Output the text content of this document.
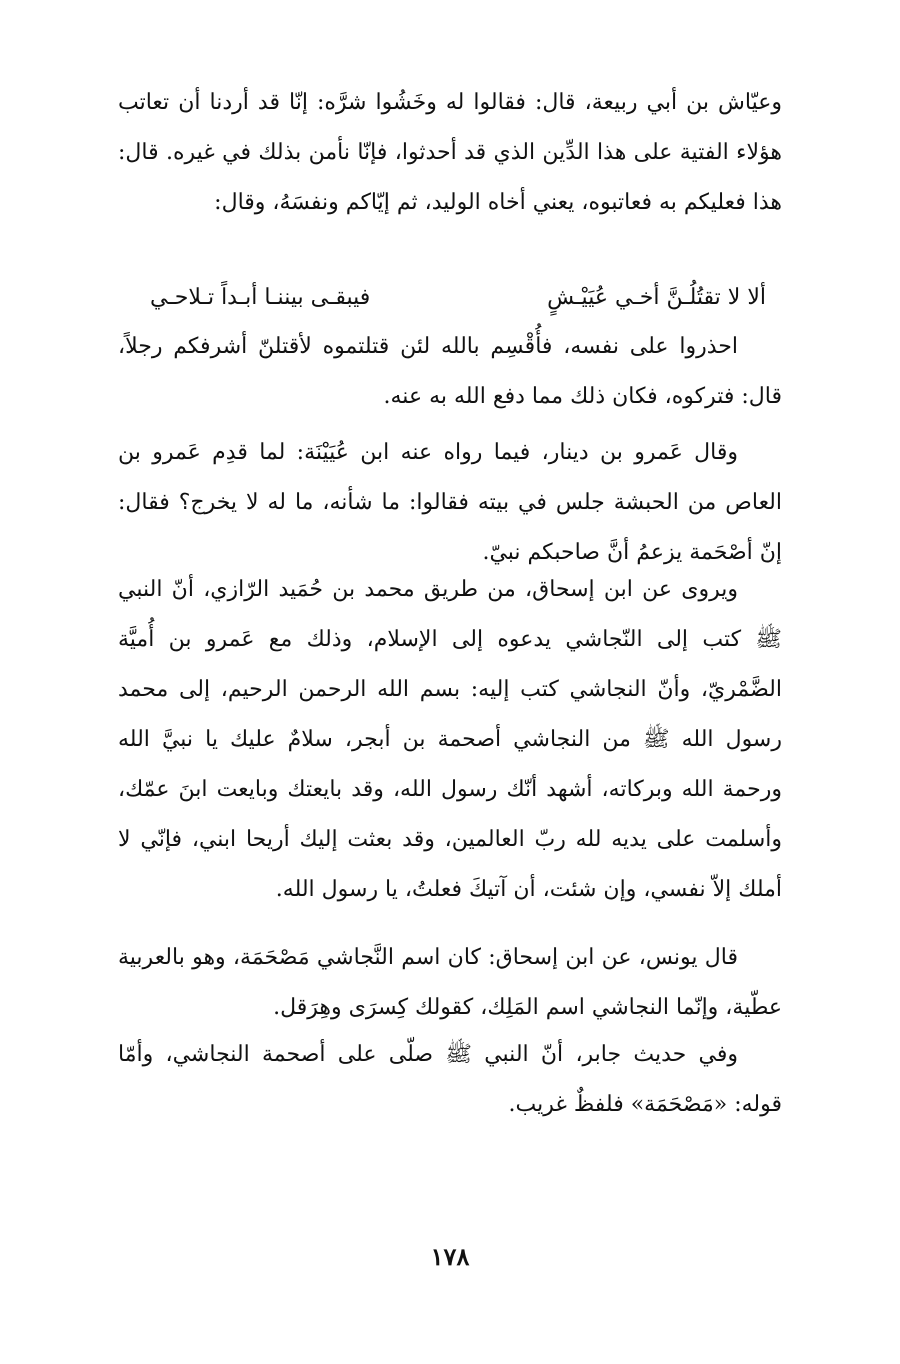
وعيّاش بن أبي ربيعة، قال: فقالوا له وخَشُوا شرَّه: إنّا قد أردنا أن تعاتب هؤلاء الفتية على هذا الدِّين الذي قد أحدثوا، فإنّا نأمن بذلك في غيره. قال: هذا فعليكم به فعاتبوه، يعني أخاه الوليد، ثم إيّاكم ونفسَهُ، وقال:

ألا لا تقتُلُـنَّ أخـي عُيَيْـشٍ
فيبقـى بيننـا أبـداً تـلاحـي

احذروا على نفسه، فأُقْسِم بالله لئن قتلتموه لأقتلنّ أشرفكم رجلاً، قال: فتركوه، فكان ذلك مما دفع الله به عنه.

وقال عَمرو بن دينار، فيما رواه عنه ابن عُيَيْنَة: لما قدِم عَمرو بن العاص من الحبشة جلس في بيته فقالوا: ما شأنه، ما له لا يخرج؟ فقال: إنّ أصْحَمة يزعمُ أنَّ صاحبكم نبيّ.

ويروى عن ابن إسحاق، من طريق محمد بن حُمَيد الرّازي، أنّ النبي ﷺ كتب إلى النّجاشي يدعوه إلى الإسلام، وذلك مع عَمرو بن أُميَّة الضَّمْريّ، وأنّ النجاشي كتب إليه: بسم الله الرحمن الرحيم، إلى محمد رسول الله ﷺ من النجاشي أصحمة بن أبجر، سلامٌ عليك يا نبيَّ الله ورحمة الله وبركاته، أشهد أنّك رسول الله، وقد بايعتك وبايعت ابنَ عمّك، وأسلمت على يديه لله ربّ العالمين، وقد بعثت إليك أريحا ابني، فإنّي لا أملك إلاّ نفسي، وإن شئت، أن آتيكَ فعلتُ، يا رسول الله.

قال يونس، عن ابن إسحاق: كان اسم النَّجاشي مَصْحَمَة، وهو بالعربية عطّية، وإنّما النجاشي اسم المَلِك، كقولك كِسرَى وهِرَقل.

وفي حديث جابر، أنّ النبي ﷺ صلّى على أصحمة النجاشي، وأمّا قوله: «مَصْحَمَة» فلفظٌ غريب.

١٧٨
